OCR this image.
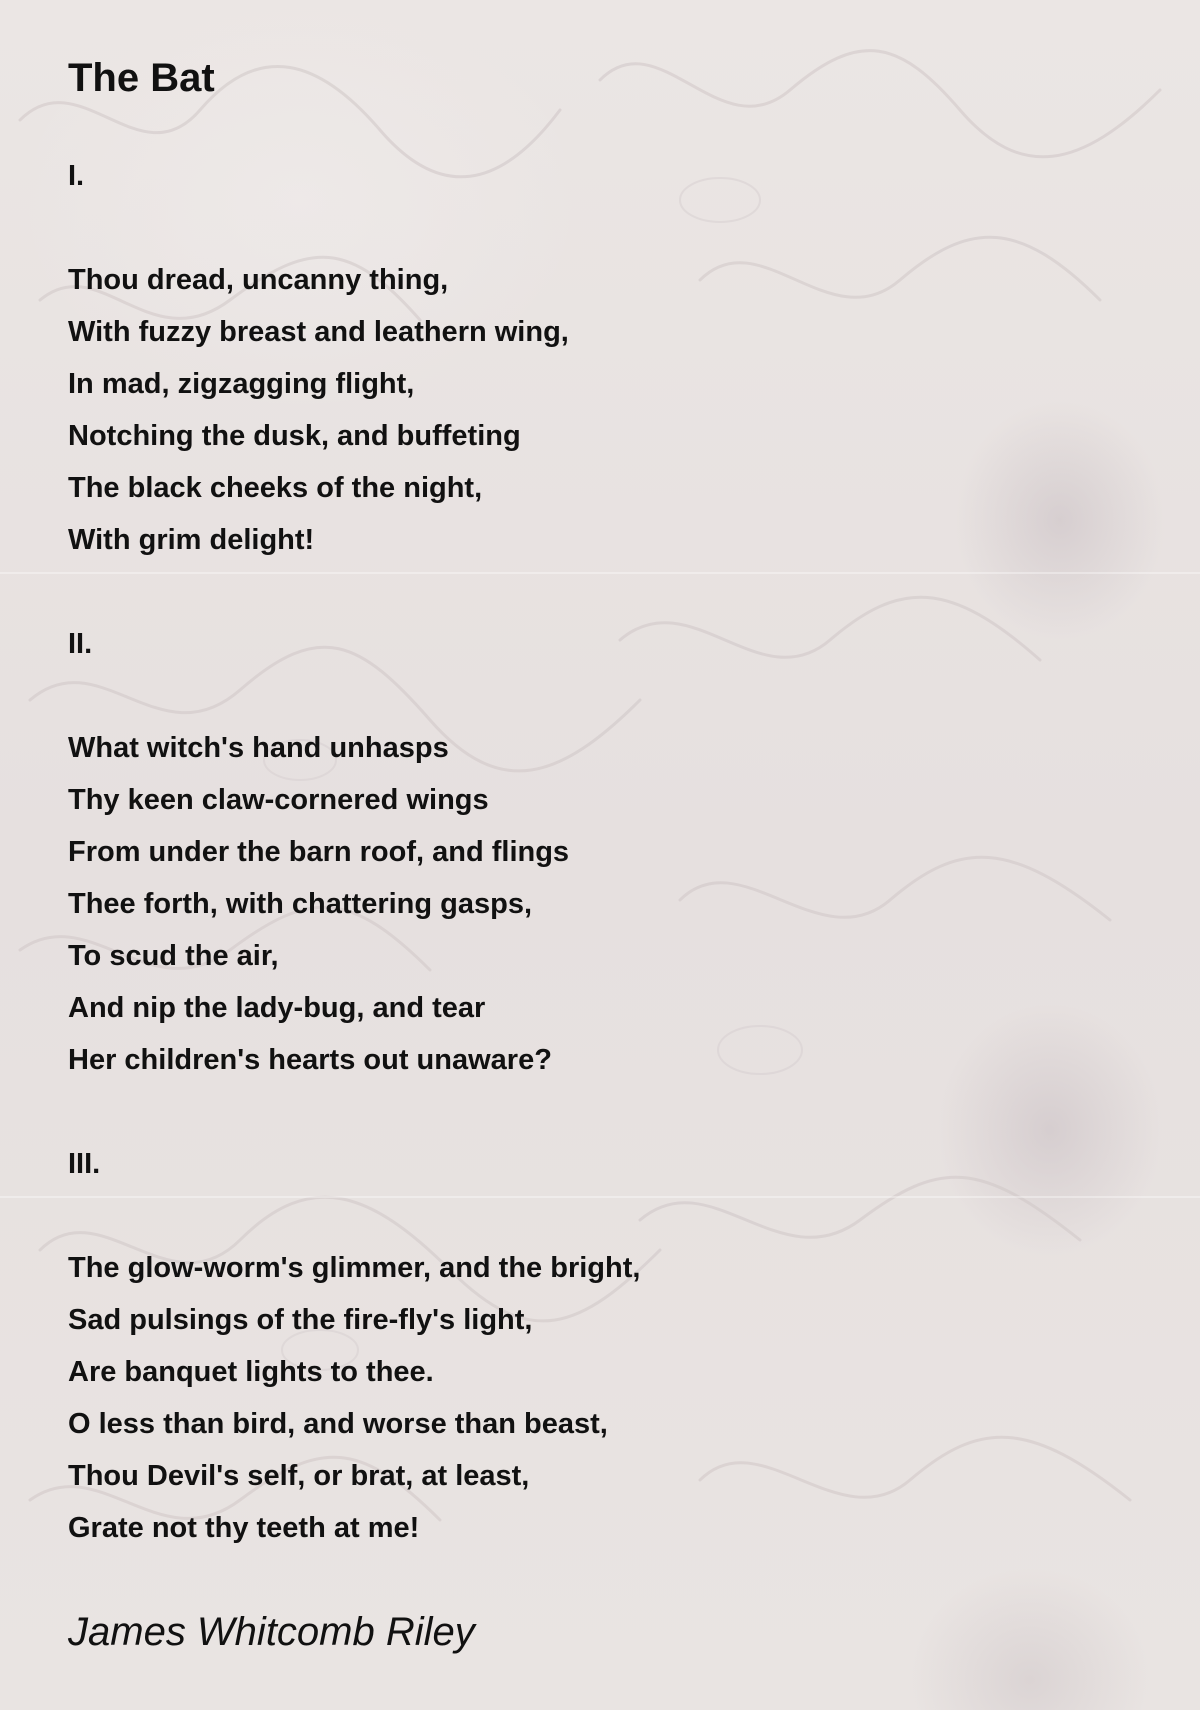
The Bat
I.
Thou dread, uncanny thing,
With fuzzy breast and leathern wing,
In mad, zigzagging flight,
Notching the dusk, and buffeting
The black cheeks of the night,
With grim delight!
II.
What witch's hand unhasps
Thy keen claw-cornered wings
From under the barn roof, and flings
Thee forth, with chattering gasps,
To scud the air,
And nip the lady-bug, and tear
Her children's hearts out unaware?
III.
The glow-worm's glimmer, and the bright,
Sad pulsings of the fire-fly's light,
Are banquet lights to thee.
O less than bird, and worse than beast,
Thou Devil's self, or brat, at least,
Grate not thy teeth at me!
James Whitcomb Riley
